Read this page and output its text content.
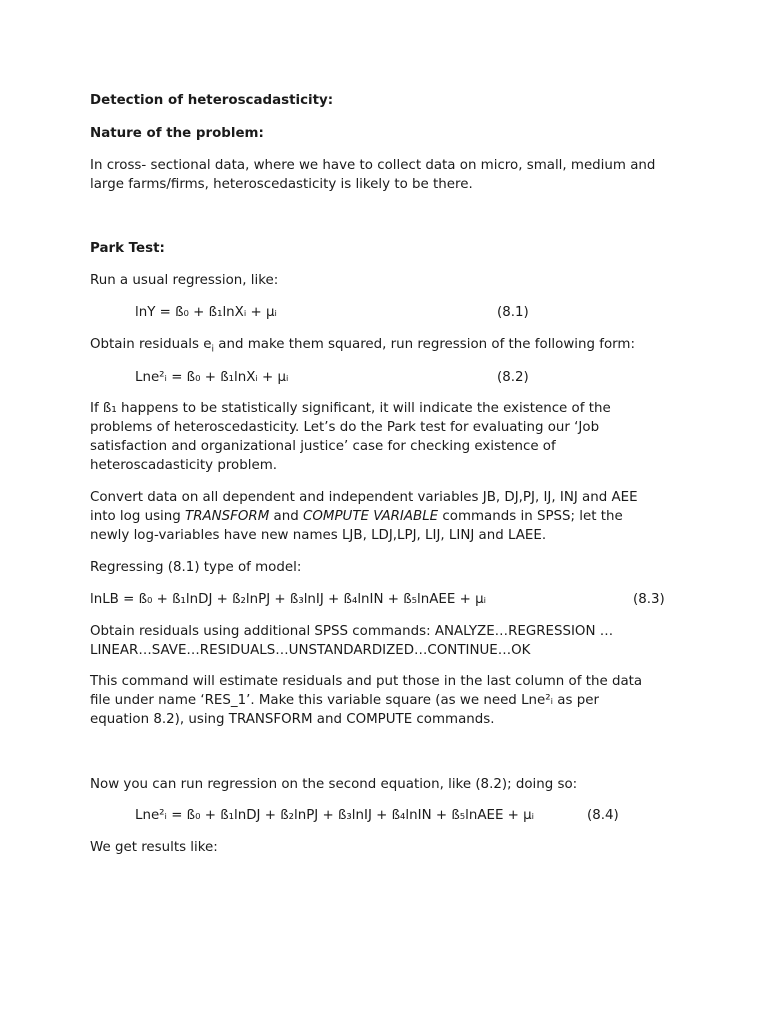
Detection of heteroscadasticity:
Nature of the problem:
In cross- sectional data, where we have to collect data on micro, small, medium and
large farms/firms, heteroscedasticity is likely to be there.
Park Test:
Run a usual regression, like:
lnY = ß₀ + ß₁lnXᵢ + μᵢ	(8.1)
Obtain residuals $e_i$ and make them squared, run regression of the following form:
Lne²ᵢ = ß₀ + ß₁lnXᵢ + μᵢ	(8.2)
If ß₁ happens to be statistically significant, it will indicate the existence of the
problems of heteroscedasticity. Let’s do the Park test for evaluating our ‘Job
satisfaction and organizational justice’ case for checking existence of
heteroscadasticity problem.
Convert data on all dependent and independent variables JB, DJ,PJ, IJ, INJ and AEE
into log using TRANSFORM and COMPUTE VARIABLE commands in SPSS; let the
newly log-variables have new names LJB, LDJ,LPJ, LIJ, LINJ and LAEE.
Regressing (8.1) type of model:
lnLB = ß₀ + ß₁lnDJ + ß₂lnPJ + ß₃lnIJ + ß₄lnIN + ß₅lnAEE + μᵢ	(8.3)
Obtain residuals using additional SPSS commands: ANALYZE…REGRESSION …
LINEAR…SAVE…RESIDUALS…UNSTANDARDIZED…CONTINUE…OK
This command will estimate residuals and put those in the last column of the data
file under name ‘RES_1’. Make this variable square (as we need Lne²ᵢ as per
equation 8.2), using TRANSFORM and COMPUTE commands.
Now you can run regression on the second equation, like (8.2); doing so:
Lne²ᵢ = ß₀ + ß₁lnDJ + ß₂lnPJ + ß₃lnIJ + ß₄lnIN + ß₅lnAEE + μᵢ	(8.4)
We get results like:
